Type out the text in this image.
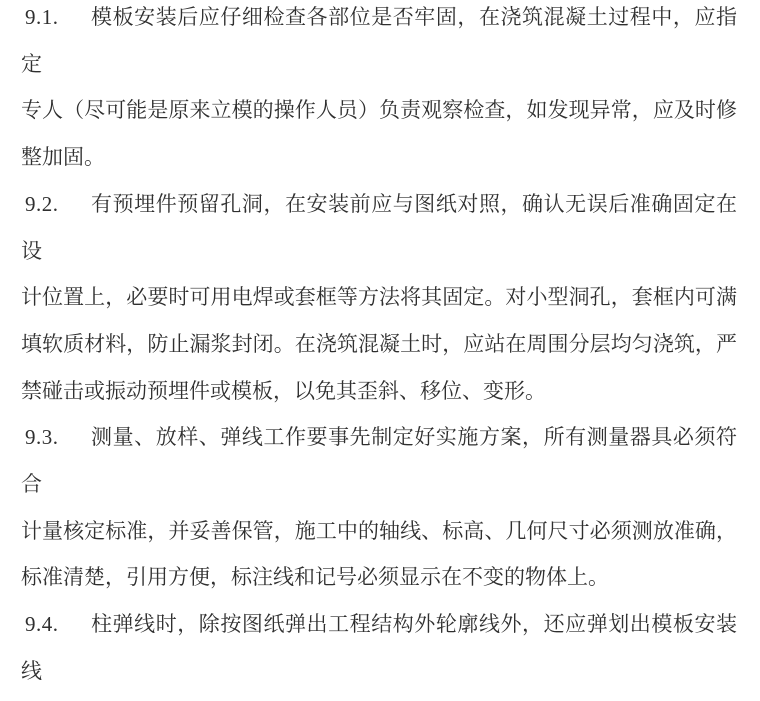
9.1. 模板安装后应仔细检查各部位是否牢固，在浇筑混凝土过程中，应指定
专人（尽可能是原来立模的操作人员）负责观察检查，如发现异常，应及时修
整加固。
9.2. 有预埋件预留孔洞，在安装前应与图纸对照，确认无误后准确固定在设
计位置上，必要时可用电焊或套框等方法将其固定。对小型洞孔，套框内可满
填软质材料，防止漏浆封闭。在浇筑混凝土时，应站在周围分层均匀浇筑，严
禁碰击或振动预埋件或模板，以免其歪斜、移位、变形。
9.3. 测量、放样、弹线工作要事先制定好实施方案，所有测量器具必须符合
计量核定标准，并妥善保管，施工中的轴线、标高、几何尺寸必须测放准确，
标准清楚，引用方便，标注线和记号必须显示在不变的物体上。
9.4. 柱弹线时，除按图纸弹出工程结构外轮廓线外，还应弹划出模板安装线
